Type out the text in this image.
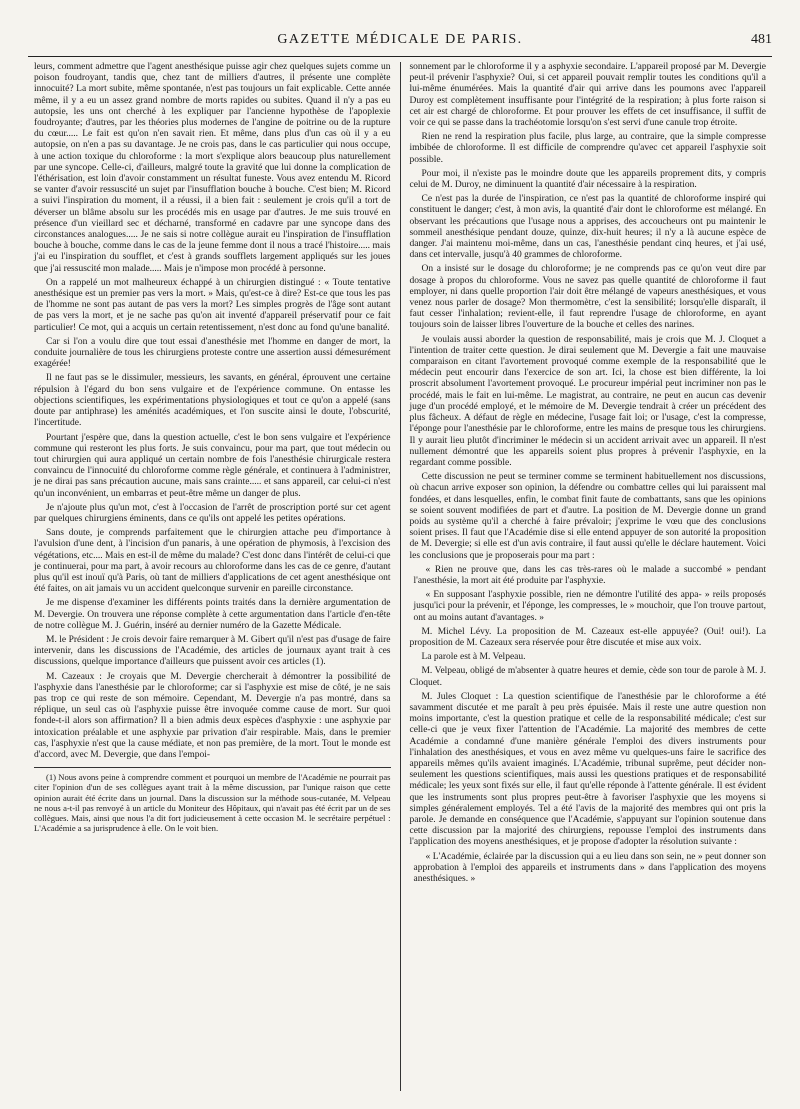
GAZETTE MÉDICALE DE PARIS.	481

leurs, comment admettre que l'agent anesthésique puisse agir chez quelques sujets comme un poison foudroyant, tandis que, chez tant de milliers d'autres, il présente une complète innocuité? La mort subite, même spontanée, n'est pas toujours un fait explicable. Cette année même, il y a eu un assez grand nombre de morts rapides ou subites. Quand il n'y a pas eu autopsie, les uns ont cherché à les expliquer par l'ancienne hypothèse de l'apoplexie foudroyante; d'autres, par les théories plus modernes de l'angine de poitrine ou de la rupture du cœur..... Le fait est qu'on n'en savait rien. Et même, dans plus d'un cas où il y a eu autopsie, on n'en a pas su davantage. Je ne crois pas, dans le cas particulier qui nous occupe, à une action toxique du chloroforme : la mort s'explique alors beaucoup plus naturellement par une syncope. Celle-ci, d'ailleurs, malgré toute la gravité que lui donne la complication de l'éthérisation, est loin d'avoir constamment un résultat funeste. Vous avez entendu M. Ricord se vanter d'avoir ressuscité un sujet par l'insufflation bouche à bouche. C'est bien; M. Ricord a suivi l'inspiration du moment, il a réussi, il a bien fait : seulement je crois qu'il a tort de déverser un blâme absolu sur les procédés mis en usage par d'autres. Je me suis trouvé en présence d'un vieillard sec et décharné, transformé en cadavre par une syncope dans des circonstances analogues..... Je ne sais si notre collègue aurait eu l'inspiration de l'insufflation bouche à bouche, comme dans le cas de la jeune femme dont il nous a tracé l'histoire..... mais j'ai eu l'inspiration du soufflet, et c'est à grands soufflets largement appliqués sur les joues que j'ai ressuscité mon malade..... Mais je n'impose mon procédé à personne.

On a rappelé un mot malheureux échappé à un chirurgien distingué : « Toute tentative anesthésique est un premier pas vers la mort. » Mais, qu'est-ce à dire? Est-ce que tous les pas de l'homme ne sont pas autant de pas vers la mort? Les simples progrès de l'âge sont autant de pas vers la mort, et je ne sache pas qu'on ait inventé d'appareil préservatif pour ce fait particulier! Ce mot, qui a acquis un certain retentissement, n'est donc au fond qu'une banalité.

Car si l'on a voulu dire que tout essai d'anesthésie met l'homme en danger de mort, la conduite journalière de tous les chirurgiens proteste contre une assertion aussi démesurément exagérée!

Il ne faut pas se le dissimuler, messieurs, les savants, en général, éprouvent une certaine répulsion à l'égard du bon sens vulgaire et de l'expérience commune. On entasse les objections scientifiques, les expérimentations physiologiques et tout ce qu'on a appelé (sans doute par antiphrase) les aménités académiques, et l'on suscite ainsi le doute, l'obscurité, l'incertitude.

Pourtant j'espère que, dans la question actuelle, c'est le bon sens vulgaire et l'expérience commune qui resteront les plus forts. Je suis convaincu, pour ma part, que tout médecin ou tout chirurgien qui aura appliqué un certain nombre de fois l'anesthésie chirurgicale restera convaincu de l'innocuité du chloroforme comme règle générale, et continuera à l'administrer, je ne dirai pas sans précaution aucune, mais sans crainte..... et sans appareil, car celui-ci n'est qu'un inconvénient, un embarras et peut-être même un danger de plus.

Je n'ajoute plus qu'un mot, c'est à l'occasion de l'arrêt de proscription porté sur cet agent par quelques chirurgiens éminents, dans ce qu'ils ont appelé les petites opérations.

Sans doute, je comprends parfaitement que le chirurgien attache peu d'importance à l'avulsion d'une dent, à l'incision d'un panaris, à une opération de phymosis, à l'excision des végétations, etc.... Mais en est-il de même du malade? C'est donc dans l'intérêt de celui-ci que je continuerai, pour ma part, à avoir recours au chloroforme dans les cas de ce genre, d'autant plus qu'il est inouï qu'à Paris, où tant de milliers d'applications de cet agent anesthésique ont été faites, on ait jamais vu un accident quelconque survenir en pareille circonstance.

Je me dispense d'examiner les différents points traités dans la dernière argumentation de M. Devergie. On trouvera une réponse complète à cette argumentation dans l'article d'en-tête de notre collègue M. J. Guérin, inséré au dernier numéro de la Gazette Médicale.

M. le Président : Je crois devoir faire remarquer à M. Gibert qu'il n'est pas d'usage de faire intervenir, dans les discussions de l'Académie, des articles de journaux ayant trait à ces discussions, quelque importance d'ailleurs que puissent avoir ces articles (1).

M. Cazeaux : Je croyais que M. Devergie chercherait à démontrer la possibilité de l'asphyxie dans l'anesthésie par le chloroforme; car si l'asphyxie est mise de côté, je ne sais pas trop ce qui reste de son mémoire. Cependant, M. Devergie n'a pas montré, dans sa réplique, un seul cas où l'asphyxie puisse être invoquée comme cause de mort. Sur quoi fonde-t-il alors son affirmation? Il a bien admis deux espèces d'asphyxie : une asphyxie par intoxication préalable et une asphyxie par privation d'air respirable. Mais, dans le premier cas, l'asphyxie n'est que la cause médiate, et non pas première, de la mort. Tout le monde est d'accord, avec M. Devergie, que dans l'empoi-

(1) Nous avons peine à comprendre comment et pourquoi un membre de l'Académie ne pourrait pas citer l'opinion d'un de ses collègues ayant trait à la même discussion, par l'unique raison que cette opinion aurait été écrite dans un journal. Dans la discussion sur la méthode sous-cutanée, M. Velpeau ne nous a-t-il pas renvoyé à un article du Moniteur des Hôpitaux, qui n'avait pas été écrit par un de ses collègues. Mais, ainsi que nous l'a dit fort judicieusement à cette occasion M. le secrétaire perpétuel : L'Académie a sa jurisprudence à elle. On le voit bien.

sonnement par le chloroforme il y a asphyxie secondaire. L'appareil proposé par M. Devergie peut-il prévenir l'asphyxie? Oui, si cet appareil pouvait remplir toutes les conditions qu'il a lui-même énumérées. Mais la quantité d'air qui arrive dans les poumons avec l'appareil Duroy est complètement insuffisante pour l'intégrité de la respiration; à plus forte raison si cet air est chargé de chloroforme. Et pour prouver les effets de cet insuffisance, il suffit de voir ce qui se passe dans la trachéotomie lorsqu'on s'est servi d'une canule trop étroite.

Rien ne rend la respiration plus facile, plus large, au contraire, que la simple compresse imbibée de chloroforme. Il est difficile de comprendre qu'avec cet appareil l'asphyxie soit possible.

Pour moi, il n'existe pas le moindre doute que les appareils proprement dits, y compris celui de M. Duroy, ne diminuent la quantité d'air nécessaire à la respiration.

Ce n'est pas la durée de l'inspiration, ce n'est pas la quantité de chloroforme inspiré qui constituent le danger; c'est, à mon avis, la quantité d'air dont le chloroforme est mélangé. En observant les précautions que l'usage nous a apprises, des accoucheurs ont pu maintenir le sommeil anesthésique pendant douze, quinze, dix-huit heures; il n'y a là aucune espèce de danger. J'ai maintenu moi-même, dans un cas, l'anesthésie pendant cinq heures, et j'ai usé, dans cet intervalle, jusqu'à 40 grammes de chloroforme.

On a insisté sur le dosage du chloroforme; je ne comprends pas ce qu'on veut dire par dosage à propos du chloroforme. Vous ne savez pas quelle quantité de chloroforme il faut employer, ni dans quelle proportion l'air doit être mélangé de vapeurs anesthésiques, et vous venez nous parler de dosage? Mon thermomètre, c'est la sensibilité; lorsqu'elle disparaît, il faut cesser l'inhalation; revient-elle, il faut reprendre l'usage de chloroforme, en ayant toujours soin de laisser libres l'ouverture de la bouche et celles des narines.

Je voulais aussi aborder la question de responsabilité, mais je crois que M. J. Cloquet a l'intention de traiter cette question. Je dirai seulement que M. Devergie a fait une mauvaise comparaison en citant l'avortement provoqué comme exemple de la responsabilité que le médecin peut encourir dans l'exercice de son art. Ici, la chose est bien différente, la loi proscrit absolument l'avortement provoqué. Le procureur impérial peut incriminer non pas le procédé, mais le fait en lui-même. Le magistrat, au contraire, ne peut en aucun cas devenir juge d'un procédé employé, et le mémoire de M. Devergie tendrait à créer un précédent des plus fâcheux. A défaut de règle en médecine, l'usage fait loi; or l'usage, c'est la compresse, l'éponge pour l'anesthésie par le chloroforme, entre les mains de presque tous les chirurgiens. Il y aurait lieu plutôt d'incriminer le médecin si un accident arrivait avec un appareil. Il n'est nullement démontré que les appareils soient plus propres à prévenir l'asphyxie, en la regardant comme possible.

Cette discussion ne peut se terminer comme se terminent habituellement nos discussions, où chacun arrive exposer son opinion, la défendre ou combattre celles qui lui paraissent mal fondées, et dans lesquelles, enfin, le combat finit faute de combattants, sans que les opinions se soient souvent modifiées de part et d'autre. La position de M. Devergie donne un grand poids au système qu'il a cherché à faire prévaloir; j'exprime le vœu que des conclusions soient prises. Il faut que l'Académie dise si elle entend appuyer de son autorité la proposition de M. Devergie; si elle est d'un avis contraire, il faut aussi qu'elle le déclare hautement. Voici les conclusions que je proposerais pour ma part :

« Rien ne prouve que, dans les cas très-rares où le malade a succombé » pendant l'anesthésie, la mort ait été produite par l'asphyxie.

« En supposant l'asphyxie possible, rien ne démontre l'utilité des appa- » reils proposés jusqu'ici pour la prévenir, et l'éponge, les compresses, le » mouchoir, que l'on trouve partout, ont au moins autant d'avantages. »

M. Michel Lévy. La proposition de M. Cazeaux est-elle appuyée? (Oui! oui!). La proposition de M. Cazeaux sera réservée pour être discutée et mise aux voix.

La parole est à M. Velpeau.

M. Velpeau, obligé de m'absenter à quatre heures et demie, cède son tour de parole à M. J. Cloquet.

M. Jules Cloquet : La question scientifique de l'anesthésie par le chloroforme a été savamment discutée et me paraît à peu près épuisée. Mais il reste une autre question non moins importante, c'est la question pratique et celle de la responsabilité médicale; c'est sur celle-ci que je veux fixer l'attention de l'Académie. La majorité des membres de cette Académie a condamné d'une manière générale l'emploi des divers instruments pour l'inhalation des anesthésiques, et vous en avez même vu quelques-uns faire le sacrifice des appareils mêmes qu'ils avaient imaginés. L'Académie, tribunal suprême, peut décider non-seulement les questions scientifiques, mais aussi les questions pratiques et de responsabilité médicale; les yeux sont fixés sur elle, il faut qu'elle réponde à l'attente générale. Il est évident que les instruments sont plus propres peut-être à favoriser l'asphyxie que les moyens si simples généralement employés. Tel a été l'avis de la majorité des membres qui ont pris la parole. Je demande en conséquence que l'Académie, s'appuyant sur l'opinion soutenue dans cette discussion par la majorité des chirurgiens, repousse l'emploi des instruments dans l'application des moyens anesthésiques, et je propose d'adopter la résolution suivante :

« L'Académie, éclairée par la discussion qui a eu lieu dans son sein, ne » peut donner son approbation à l'emploi des appareils et instruments dans » dans l'application des moyens anesthésiques. »
